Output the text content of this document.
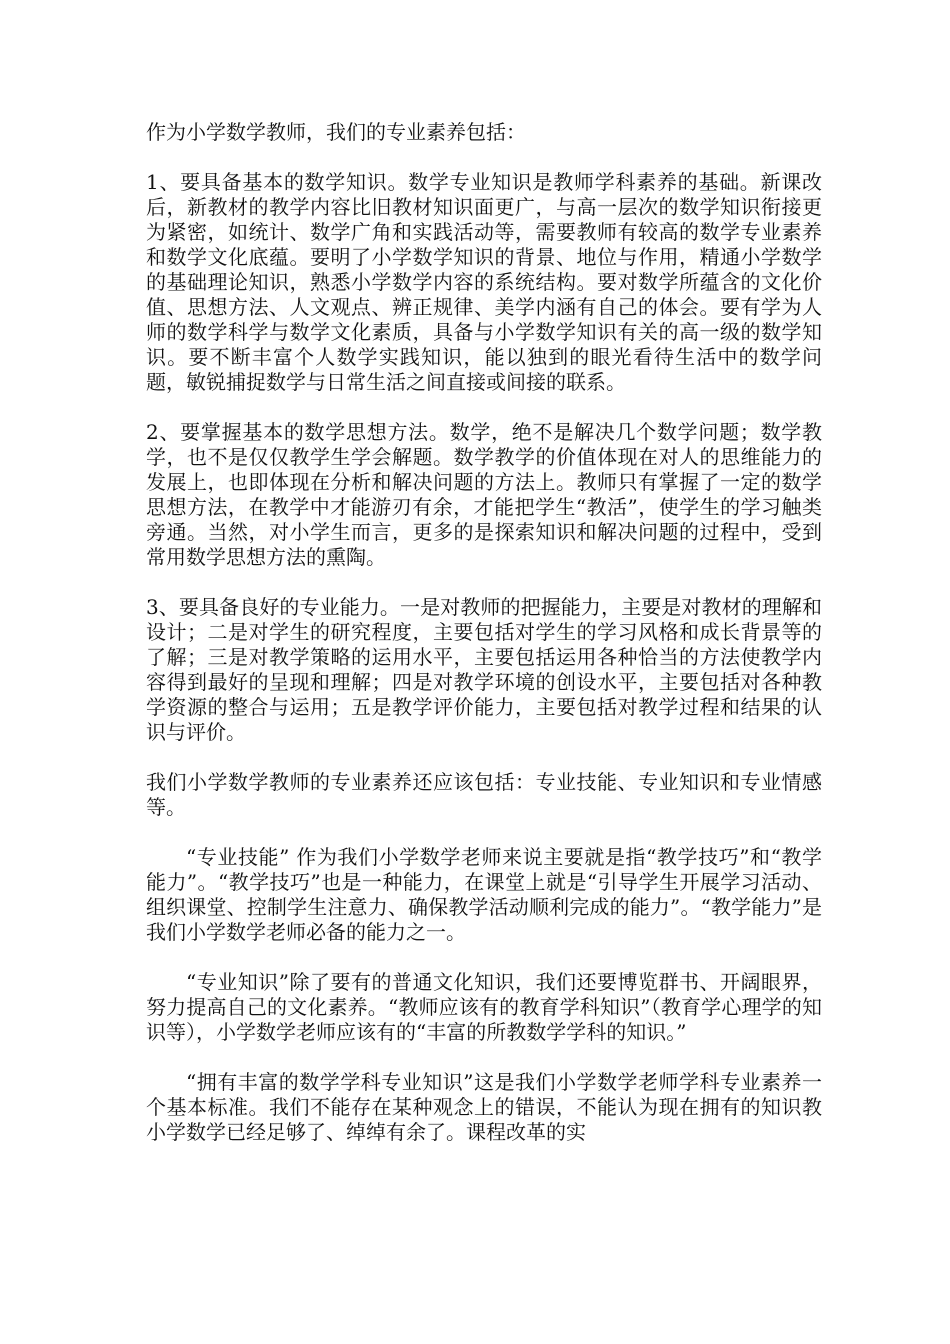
作为小学数学教师，我们的专业素养包括：

1、要具备基本的数学知识。数学专业知识是教师学科素养的基础。新课改后，新教材的教学内容比旧教材知识面更广，与高一层次的数学知识衔接更为紧密，如统计、数学广角和实践活动等，需要教师有较高的数学专业素养和数学文化底蕴。要明了小学数学知识的背景、地位与作用，精通小学数学的基础理论知识，熟悉小学数学内容的系统结构。要对数学所蕴含的文化价值、思想方法、人文观点、辨正规律、美学内涵有自己的体会。要有学为人师的数学科学与数学文化素质，具备与小学数学知识有关的高一级的数学知识。要不断丰富个人数学实践知识，能以独到的眼光看待生活中的数学问题，敏锐捕捉数学与日常生活之间直接或间接的联系。

2、要掌握基本的数学思想方法。数学，绝不是解决几个数学问题；数学教学，也不是仅仅教学生学会解题。数学教学的价值体现在对人的思维能力的发展上，也即体现在分析和解决问题的方法上。教师只有掌握了一定的数学思想方法，在教学中才能游刃有余，才能把学生“教活”，使学生的学习触类旁通。当然，对小学生而言，更多的是探索知识和解决问题的过程中，受到常用数学思想方法的熏陶。

3、要具备良好的专业能力。一是对教师的把握能力，主要是对教材的理解和设计；二是对学生的研究程度，主要包括对学生的学习风格和成长背景等的了解；三是对教学策略的运用水平，主要包括运用各种恰当的方法使教学内容得到最好的呈现和理解；四是对教学环境的创设水平，主要包括对各种教学资源的整合与运用；五是教学评价能力，主要包括对教学过程和结果的认识与评价。

我们小学数学教师的专业素养还应该包括：专业技能、专业知识和专业情感等。

“专业技能” 作为我们小学数学老师来说主要就是指“教学技巧”和“教学能力”。“教学技巧”也是一种能力，在课堂上就是“引导学生开展学习活动、组织课堂、控制学生注意力、确保教学活动顺利完成的能力”。“教学能力”是我们小学数学老师必备的能力之一。

“专业知识”除了要有的普通文化知识，我们还要博览群书、开阔眼界，努力提高自己的文化素养。“教师应该有的教育学科知识”（教育学心理学的知识等），小学数学老师应该有的“丰富的所教数学学科的知识。”

“拥有丰富的数学学科专业知识”这是我们小学数学老师学科专业素养一个基本标准。我们不能存在某种观念上的错误，不能认为现在拥有的知识教小学数学已经足够了、绰绰有余了。课程改革的实
